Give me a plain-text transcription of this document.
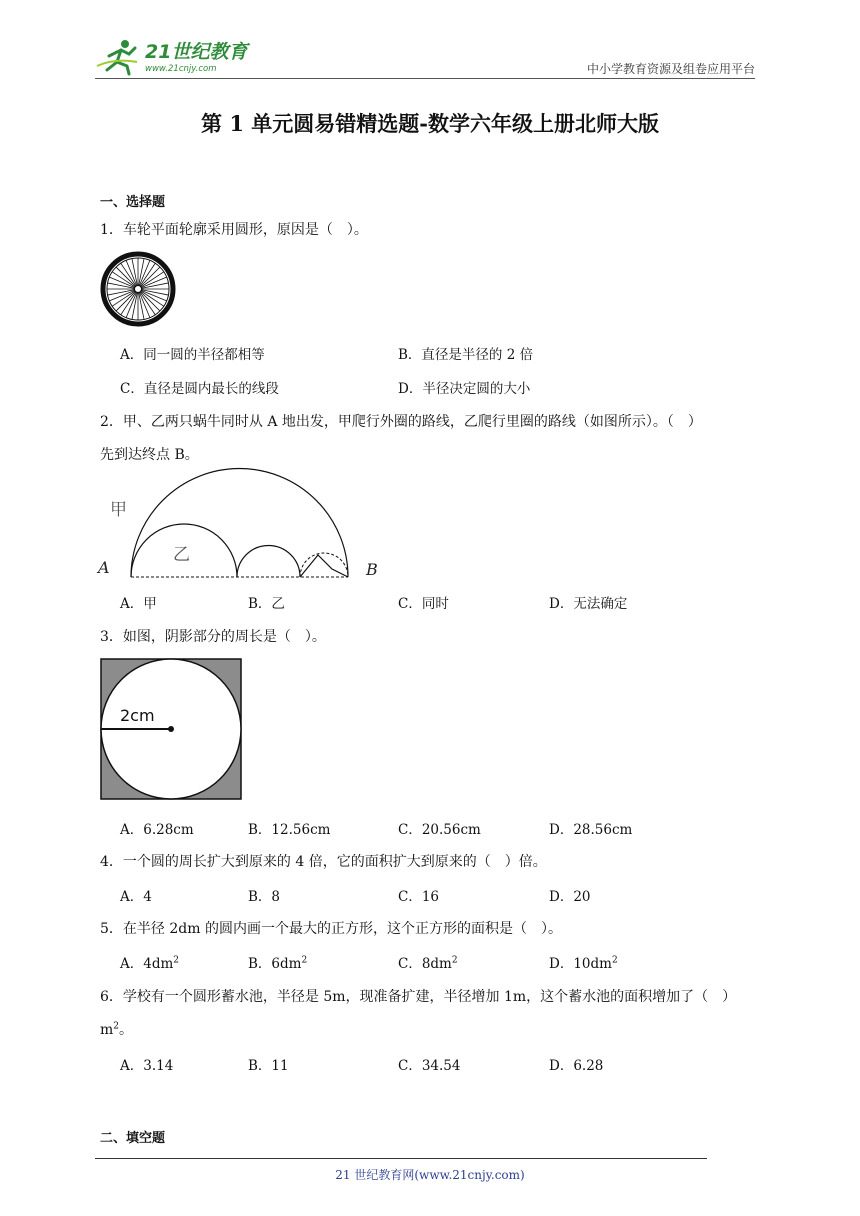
21世纪教育
www.21cnjy.com	中小学教育资源及组卷应用平台
第 1 单元圆易错精选题-数学六年级上册北师大版
一、选择题
1．车轮平面轮廓采用圆形，原因是（　）。
A．同一圆的半径都相等	B．直径是半径的 2 倍
C．直径是圆内最长的线段	D．半径决定圆的大小
2．甲、乙两只蜗牛同时从 A 地出发，甲爬行外圈的路线，乙爬行里圈的路线（如图所示）。（　）
先到达终点 B。
甲
乙
A	B
A．甲	B．乙	C．同时	D．无法确定
3．如图，阴影部分的周长是（　）。
2cm
A．6.28cm	B．12.56cm	C．20.56cm	D．28.56cm
4．一个圆的周长扩大到原来的 4 倍，它的面积扩大到原来的（　）倍。
A．4	B．8	C．16	D．20
5．在半径 2dm 的圆内画一个最大的正方形，这个正方形的面积是（　）。
A．$4dm^2$	B．$6dm^2$	C．$8dm^2$	D．$10dm^2$
6．学校有一个圆形蓄水池，半径是 5m，现准备扩建，半径增加 1m，这个蓄水池的面积增加了（　）
$m^2$。
A．3.14	B．11	C．34.54	D．6.28
二、填空题
21 世纪教育网(www.21cnjy.com)
